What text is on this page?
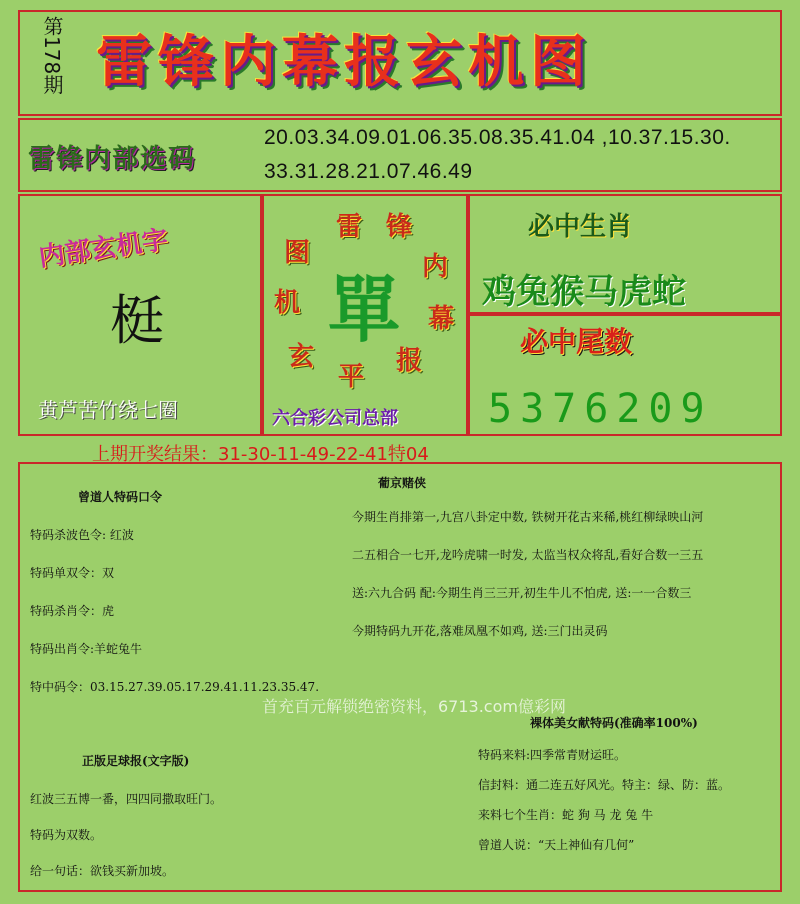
第178期 雷锋内幕报玄机图
雷锋内部选码
20.03.34.09.01.06.35.08.35.41.04 ,10.37.15.30.
33.31.28.21.07.46.49
内部玄机字
梃
黄芦苦竹绕七圈
雷 锋
内
幕
报
平
玄
机
图
單
六合彩公司总部
必中生肖
鸡兔猴马虎蛇
必中尾数
5376209
上期开奖结果：31-30-11-49-22-41特04
曾道人特码口令
特码杀波色令: 红波
特码单双令：双
特码杀肖令：虎
特码出肖令:羊蛇兔牛
特中码令：03.15.27.39.05.17.29.41.11.23.35.47.
正版足球报(文字版)
红波三五博一番，四四同撒取旺门。
特码为双数。
给一句话：欲钱买新加坡。
葡京赌侠
今期生肖排第一,九宫八卦定中数, 铁树开花古来稀,桃红柳绿映山河
二五相合一七开,龙吟虎啸一时发, 太监当权众将乱,看好合数一三五
送:六九合码 配:今期生肖三三开,初生牛儿不怕虎, 送:一一合数三
今期特码九开花,落难凤凰不如鸡, 送:三门出灵码
首充百元解锁绝密资料，6713.com億彩网
裸体美女献特码(准确率100%)
特码来料:四季常青财运旺。
信封料：通二连五好风光。特主：绿、防：蓝。
来料七个生肖：蛇 狗 马 龙 兔 牛
曾道人说：“天上神仙有几何”
